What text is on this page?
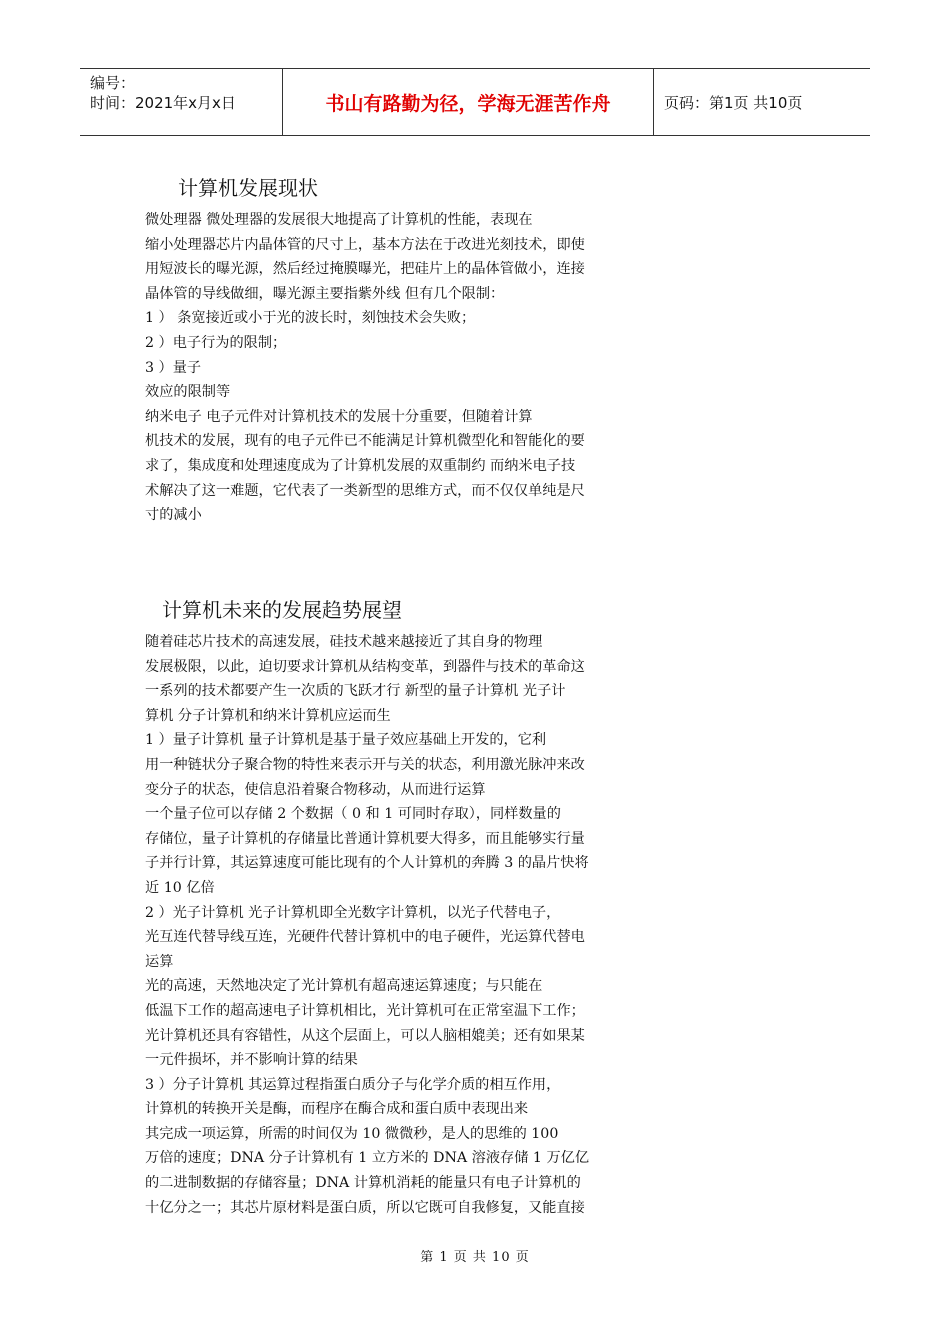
编号：
时间：2021年x月x日	书山有路勤为径，学海无涯苦作舟	页码：第1页 共10页
计算机发展现状
微处理器 微处理器的发展很大地提高了计算机的性能，表现在
缩小处理器芯片内晶体管的尺寸上，基本方法在于改进光刻技术，即使
用短波长的曝光源，然后经过掩膜曝光，把硅片上的晶体管做小，连接
晶体管的导线做细，曝光源主要指紫外线 但有几个限制：
1 ） 条宽接近或小于光的波长时，刻蚀技术会失败；
2 ）电子行为的限制；
3 ）量子
效应的限制等
纳米电子 电子元件对计算机技术的发展十分重要，但随着计算
机技术的发展，现有的电子元件已不能满足计算机微型化和智能化的要
求了，集成度和处理速度成为了计算机发展的双重制约 而纳米电子技
术解决了这一难题，它代表了一类新型的思维方式，而不仅仅单纯是尺
寸的减小
计算机未来的发展趋势展望
随着硅芯片技术的高速发展，硅技术越来越接近了其自身的物理
发展极限，以此，迫切要求计算机从结构变革，到器件与技术的革命这
一系列的技术都要产生一次质的飞跃才行 新型的量子计算机 光子计
算机 分子计算机和纳米计算机应运而生
1 ）量子计算机 量子计算机是基于量子效应基础上开发的，它利
用一种链状分子聚合物的特性来表示开与关的状态，利用激光脉冲来改
变分子的状态，使信息沿着聚合物移动，从而进行运算
一个量子位可以存储 2 个数据（ 0 和 1 可同时存取），同样数量的
存储位，量子计算机的存储量比普通计算机要大得多，而且能够实行量
子并行计算，其运算速度可能比现有的个人计算机的奔腾 3 的晶片快将
近 10 亿倍
2 ）光子计算机 光子计算机即全光数字计算机，以光子代替电子，
光互连代替导线互连，光硬件代替计算机中的电子硬件，光运算代替电
运算
光的高速，天然地决定了光计算机有超高速运算速度；与只能在
低温下工作的超高速电子计算机相比，光计算机可在正常室温下工作；
光计算机还具有容错性，从这个层面上，可以人脑相媲美；还有如果某
一元件损坏，并不影响计算的结果
3 ）分子计算机 其运算过程指蛋白质分子与化学介质的相互作用，
计算机的转换开关是酶，而程序在酶合成和蛋白质中表现出来
其完成一项运算，所需的时间仅为 10 微微秒，是人的思维的 100
万倍的速度；DNA 分子计算机有 1 立方米的 DNA 溶液存储 1 万亿亿
的二进制数据的存储容量；DNA 计算机消耗的能量只有电子计算机的
十亿分之一；其芯片原材料是蛋白质，所以它既可自我修复，又能直接
第 1 页 共 10 页
